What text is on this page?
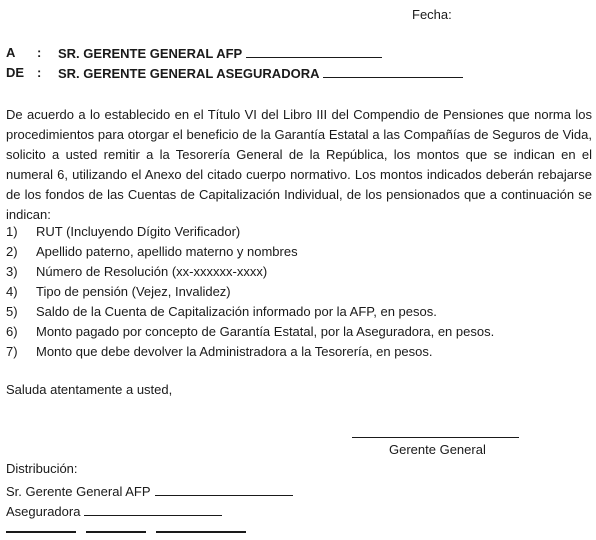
Fecha:
A : SR. GERENTE GENERAL AFP
DE : SR. GERENTE GENERAL ASEGURADORA
De acuerdo a lo establecido en el Título VI del Libro III del Compendio de Pensiones que norma los procedimientos para otorgar el beneficio de la Garantía Estatal a las Compañías de Seguros de Vida, solicito a usted remitir a la Tesorería General de la República, los montos que se indican en el numeral 6, utilizando el Anexo del citado cuerpo normativo. Los montos indicados deberán rebajarse de los fondos de las Cuentas de Capitalización Individual, de los pensionados que a continuación se indican:
1) RUT (Incluyendo Dígito Verificador)
2) Apellido paterno, apellido materno y nombres
3) Número de Resolución (xx-xxxxxx-xxxx)
4) Tipo de pensión (Vejez, Invalidez)
5) Saldo de la Cuenta de Capitalización informado por la AFP, en pesos.
6) Monto pagado por concepto de Garantía Estatal, por la Aseguradora, en pesos.
7) Monto que debe devolver la Administradora a la Tesorería, en pesos.
Saluda atentamente a usted,
Gerente General
Distribución:
Sr. Gerente General AFP
Aseguradora
